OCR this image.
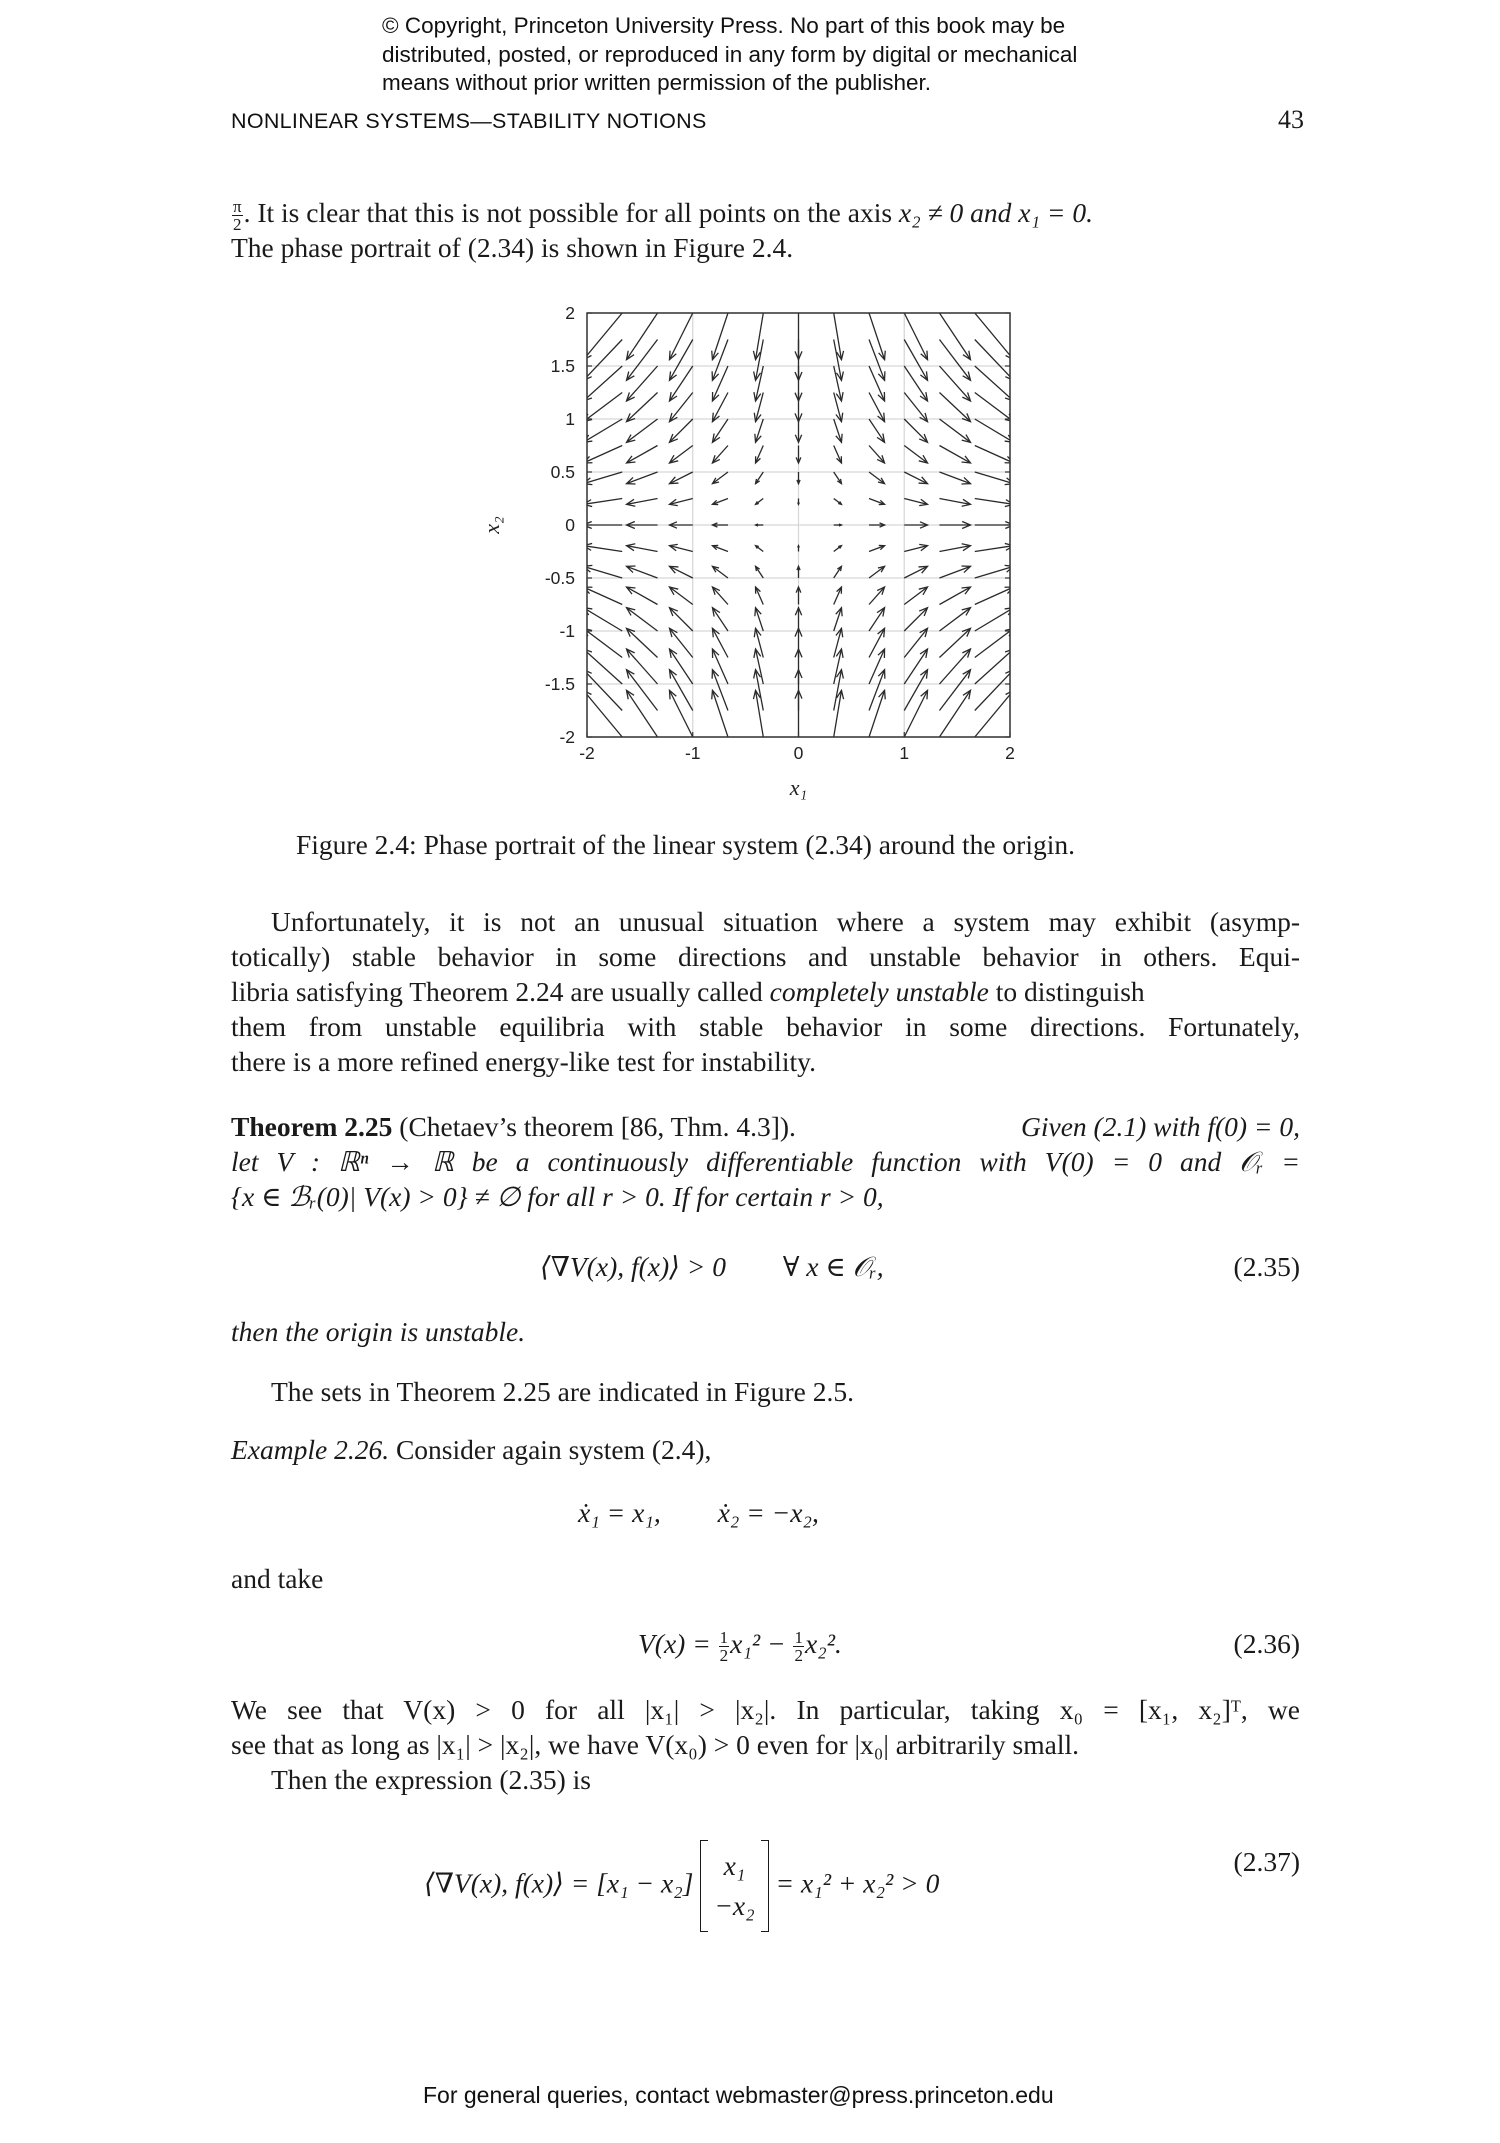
© Copyright, Princeton University Press. No part of this book may be
distributed, posted, or reproduced in any form by digital or mechanical
means without prior written permission of the publisher.
NONLINEAR SYSTEMS—STABILITY NOTIONS	43
$\frac{\pi}{2}$ . It is clear that this is not possible for all points on the axis x₂ ≠ 0 and x₁ = 0.
The phase portrait of (2.34) is shown in Figure 2.4.
2
1.5
1
0.5
0
-0.5
-1
-1.5
-2
-2	-1	0	1	2
x₁
x₂
Figure 2.4: Phase portrait of the linear system (2.34) around the origin.
Unfortunately, it is not an unusual situation where a system may exhibit (asymp-
totically) stable behavior in some directions and unstable behavior in others. Equi-
libria satisfying Theorem 2.24 are usually called completely unstable to distinguish
them from unstable equilibria with stable behavior in some directions. Fortunately,
there is a more refined energy-like test for instability.
Theorem 2.25 (Chetaev’s theorem [86, Thm. 4.3]).	Given (2.1) with f(0) = 0,
let V : ℝⁿ → ℝ be a continuously differentiable function with V(0) = 0 and 𝒪ᵣ =
{x ∈ ℬᵣ(0)| V(x) > 0} ≠ ∅ for all r > 0. If for certain r > 0,
⟨∇V(x), f(x)⟩ > 0 ∀ x ∈ 𝒪ᵣ,	(2.35)
then the origin is unstable.
The sets in Theorem 2.25 are indicated in Figure 2.5.
Example 2.26. Consider again system (2.4),
ẋ₁ = x₁, ẋ₂ = −x₂,
and take
$V(x) = \frac{1}{2} x_1^2 - \frac{1}{2} x_2^2$.	(2.36)
We see that V(x) > 0 for all |x₁| > |x₂|. In particular, taking x₀ = [x₁, x₂]ᵀ, we
see that as long as |x₁| > |x₂|, we have V(x₀) > 0 even for |x₀| arbitrarily small.
Then the expression (2.35) is
⟨∇V(x), f(x)⟩ = [x₁ − x₂]
x₁
−x₂
= x₁² + x₂² > 0
(2.37)
For general queries, contact webmaster@press.princeton.edu
